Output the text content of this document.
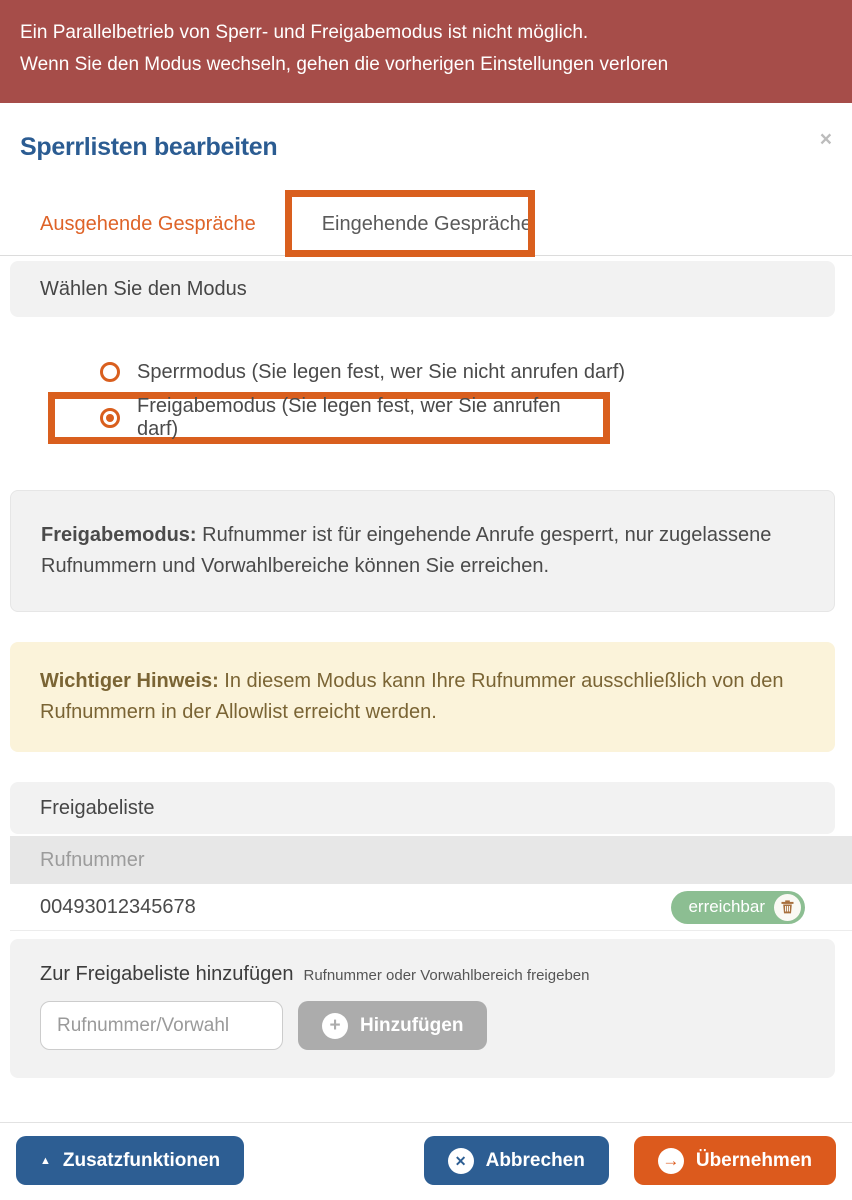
Ein Parallelbetrieb von Sperr- und Freigabemodus ist nicht möglich.
Wenn Sie den Modus wechseln, gehen die vorherigen Einstellungen verloren
Sperrlisten bearbeiten	×
Ausgehende Gespräche	Eingehende Gespräche
Wählen Sie den Modus
Sperrmodus (Sie legen fest, wer Sie nicht anrufen darf)
Freigabemodus (Sie legen fest, wer Sie anrufen darf)
Freigabemodus: Rufnummer ist für eingehende Anrufe gesperrt, nur zugelassene Rufnummern und Vorwahlbereiche können Sie erreichen.
Wichtiger Hinweis: In diesem Modus kann Ihre Rufnummer ausschließlich von den Rufnummern in der Allowlist erreicht werden.
Freigabeliste
Rufnummer
00493012345678	erreichbar
Zur Freigabeliste hinzufügen Rufnummer oder Vorwahlbereich freigeben
Rufnummer/Vorwahl
+	Hinzufügen
▲ Zusatzfunktionen	✕	Abbrechen	→ Übernehmen
